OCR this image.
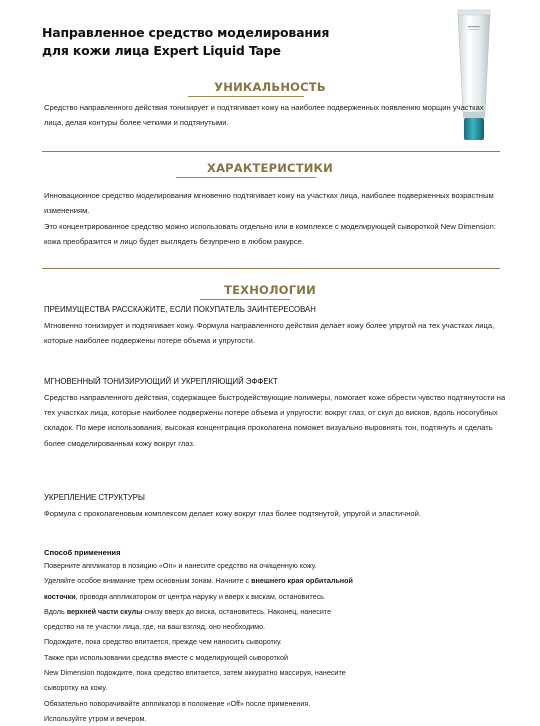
Направленное средство моделирования
для кожи лица Expert Liquid Tape
УНИКАЛЬНОСТЬ

Средство направленного действия тонизирует и подтягивает кожу на наиболее подверженных появлению морщин участках лица, делая контуры более четкими и подтянутыми.

ХАРАКТЕРИСТИКИ

Инновационное средство моделирования мгновенно подтягивает кожу на участках лица, наиболее подверженных возрастным изменениям.

Это концентрированное средство можно использовать отдельно или в комплексе с моделирующей сывороткой New Dimension: кожа преобразится и лицо будет выглядеть безупречно в любом ракурсе.

ТЕХНОЛОГИИ

ПРЕИМУЩЕСТВА РАССКАЖИТЕ, ЕСЛИ ПОКУПАТЕЛЬ ЗАИНТЕРЕСОВАН

Мгновенно тонизирует и подтягивает кожу. Формула направленного действия делает кожу более упругой на тех участках лица, которые наиболее подвержены потере объема и упругости.

МГНОВЕННЫЙ ТОНИЗИРУЮЩИЙ И УКРЕПЛЯЮЩИЙ ЭФФЕКТ

Средство направленного действия, содержащее быстродействующие полимеры, помогает коже обрести чувство подтянутости на тех участках лица, которые наиболее подвержены потере объема и упругости: вокруг глаз, от скул до висков, вдоль носогубных складок. По мере использования, высокая концентрация проколагена поможет визуально выровнять тон, подтянуть и сделать более смоделированным кожу вокруг глаз.

УКРЕПЛЕНИЕ СТРУКТУРЫ

Формула с проколагеновым комплексом делает кожу вокруг глаз более подтянутой, упругой и эластичной.

Способ применения

Поверните аппликатор в позицию «On» и нанесите средство на очищенную кожу.
Уделяйте особое внимание трем основным зонам. Начните с внешнего края орбитальной
косточки, проводя аппликатором от центра наружу и вверх к вискам, остановитесь.
Вдоль верхней части скулы снизу вверх до виска, остановитесь. Наконец, нанесите
средство на те участки лица, где, на ваш взгляд, оно необходимо.
Подождите, пока средство впитается, прежде чем наносить сыворотку.
Также при использовании средства вместе с моделирующей сывороткой
New Dimension подождите, пока средство впитается, затем аккуратно массируя, нанесите
сыворотку на кожу.
Обязательно поворачивайте аппликатор в положение «Off» после применения.
Используйте утром и вечером.
